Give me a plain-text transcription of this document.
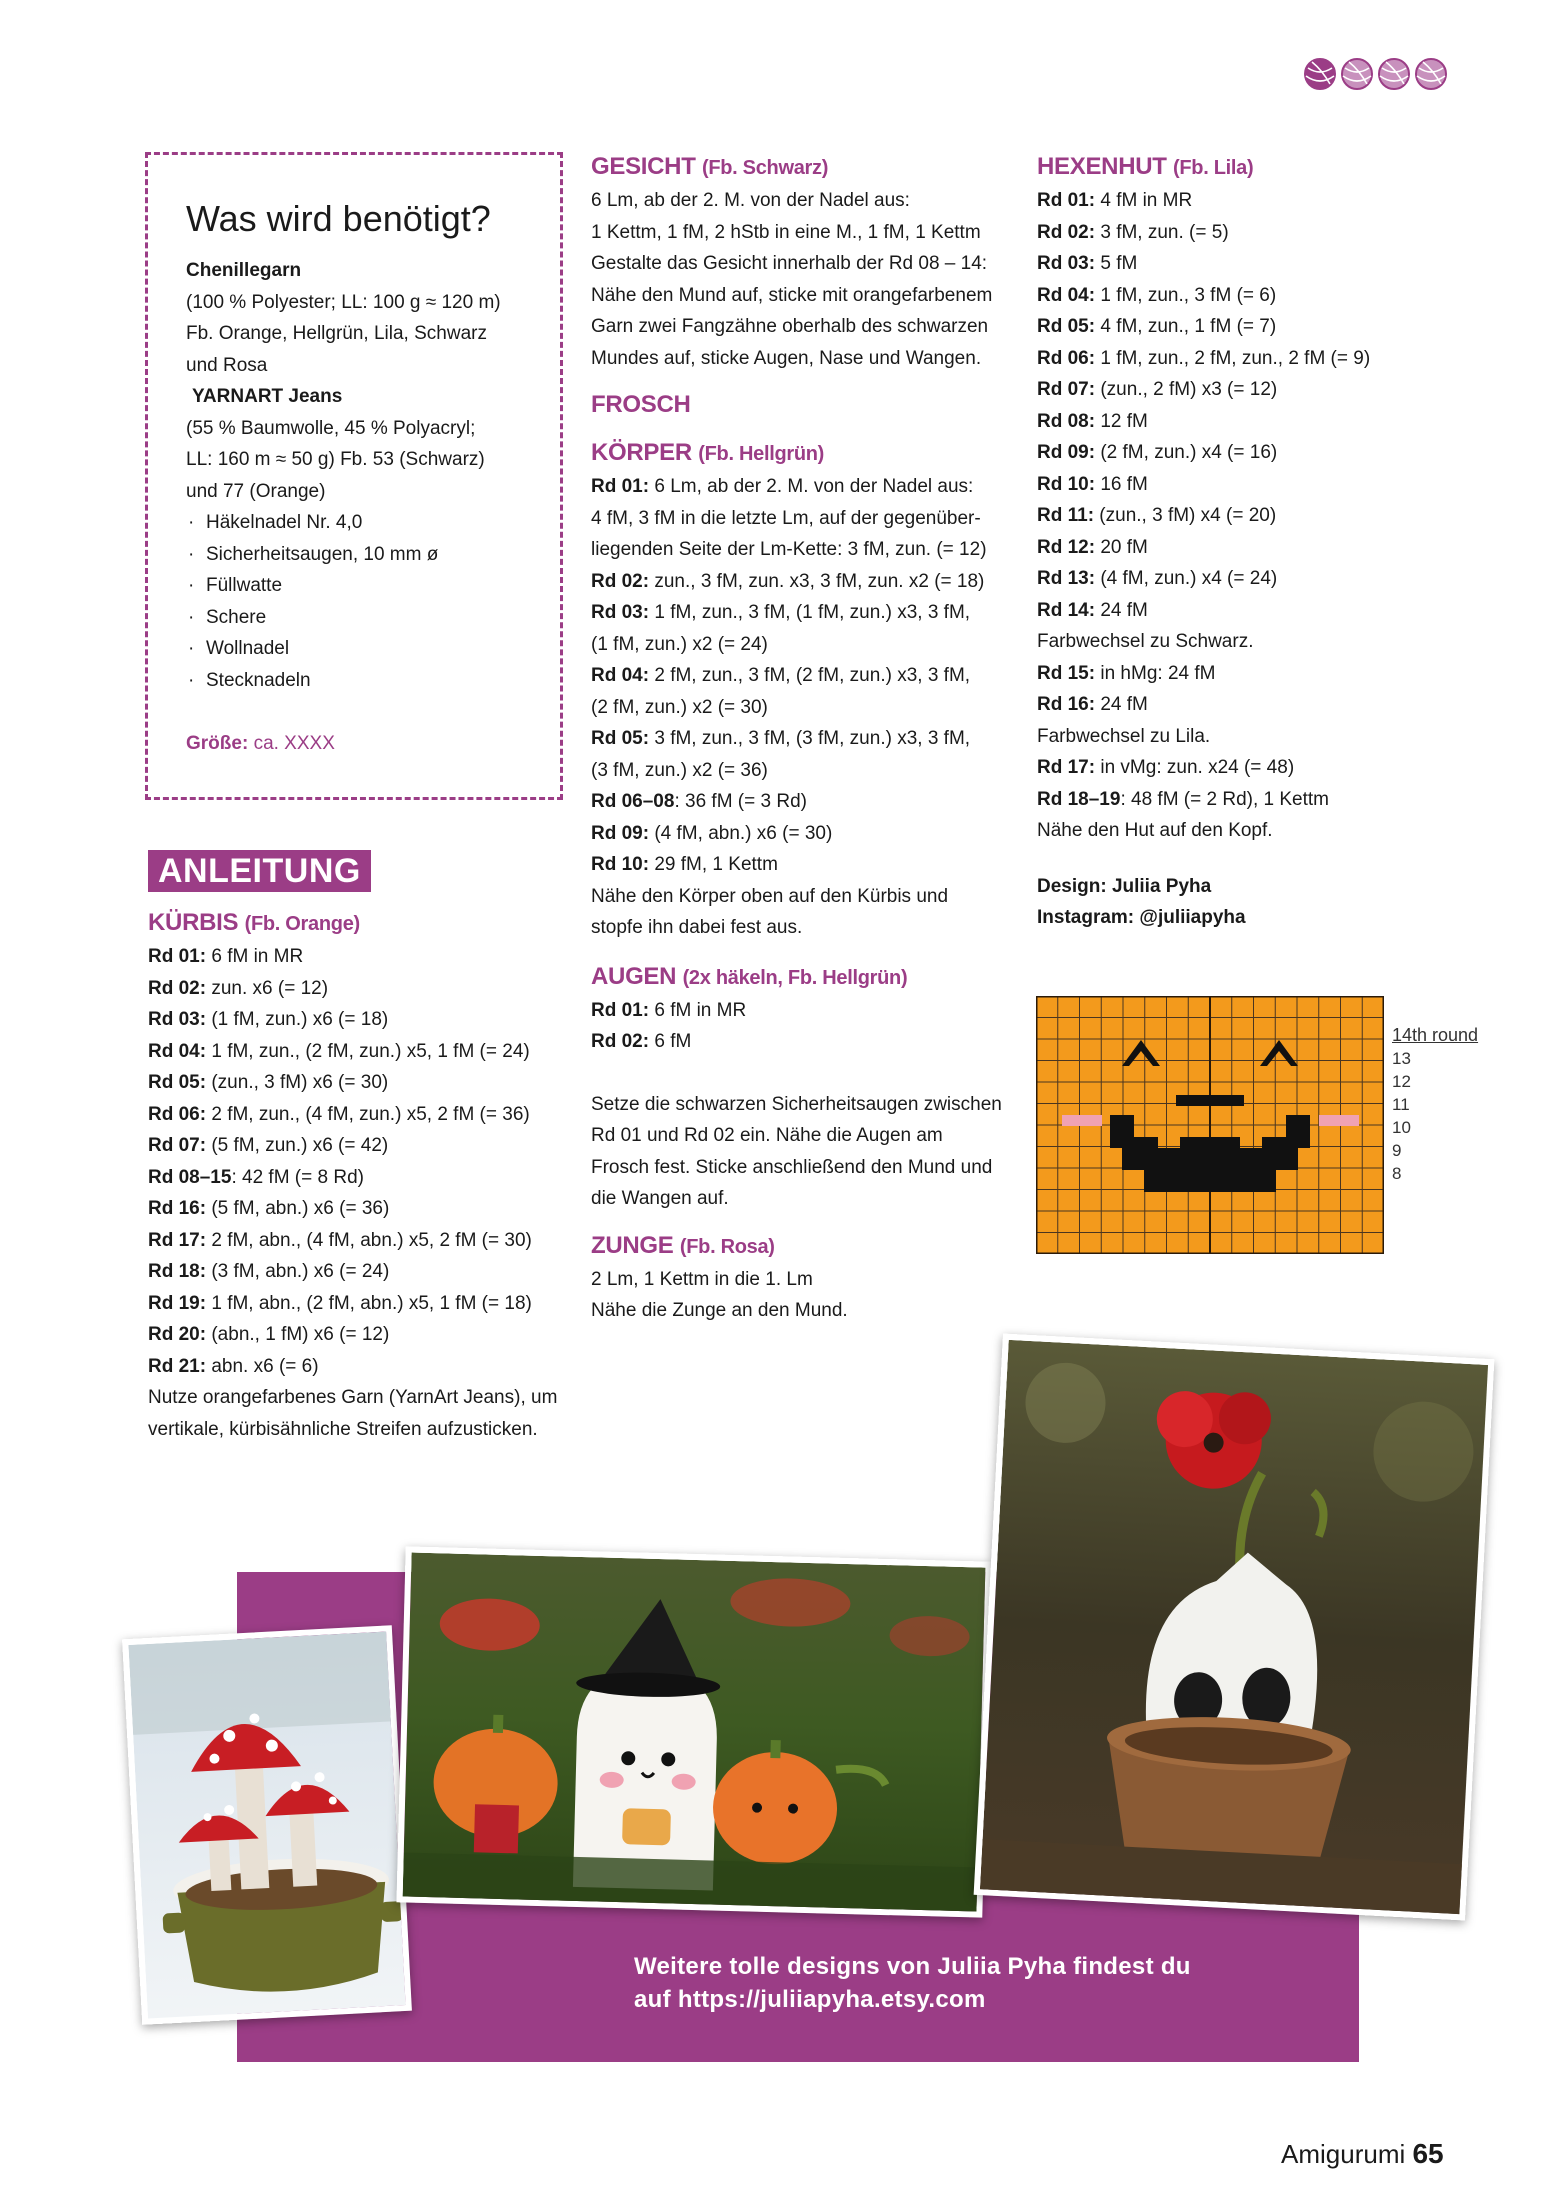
Was wird benötigt?

Chenillegarn

(100 % Polyester; LL: 100 g ≈ 120 m)

Fb. Orange, Hellgrün, Lila, Schwarz

und Rosa

YARNART Jeans

(55 % Baumwolle, 45 % Polyacryl;

LL: 160 m ≈ 50 g) Fb. 53 (Schwarz)

und 77 (Orange)

· Häkelnadel Nr. 4,0
· Sicherheitsaugen, 10 mm ø
· Füllwatte
· Schere
· Wollnadel
· Stecknadeln

Größe: ca. XXXX

ANLEITUNG
KÜRBIS (Fb. Orange)

Rd 01: 6 fM in MR

Rd 02: zun. x6 (= 12)

Rd 03: (1 fM, zun.) x6 (= 18)

Rd 04: 1 fM, zun., (2 fM, zun.) x5, 1 fM (= 24)

Rd 05: (zun., 3 fM) x6 (= 30)

Rd 06: 2 fM, zun., (4 fM, zun.) x5, 2 fM (= 36)

Rd 07: (5 fM, zun.) x6 (= 42)

Rd 08–15: 42 fM (= 8 Rd)

Rd 16: (5 fM, abn.) x6 (= 36)

Rd 17: 2 fM, abn., (4 fM, abn.) x5, 2 fM (= 30)

Rd 18: (3 fM, abn.) x6 (= 24)

Rd 19: 1 fM, abn., (2 fM, abn.) x5, 1 fM (= 18)

Rd 20: (abn., 1 fM) x6 (= 12)

Rd 21: abn. x6 (= 6)

Nutze orangefarbenes Garn (YarnArt Jeans), um

vertikale, kürbisähnliche Streifen aufzusticken.

GESICHT (Fb. Schwarz)

6 Lm, ab der 2. M. von der Nadel aus:

1 Kettm, 1 fM, 2 hStb in eine M., 1 fM, 1 Kettm

Gestalte das Gesicht innerhalb der Rd 08 – 14:

Nähe den Mund auf, sticke mit orangefarbenem

Garn zwei Fangzähne oberhalb des schwarzen

Mundes auf, sticke Augen, Nase und Wangen.

FROSCH
KÖRPER (Fb. Hellgrün)

Rd 01: 6 Lm, ab der 2. M. von der Nadel aus:

4 fM, 3 fM in die letzte Lm, auf der gegenüber-

liegenden Seite der Lm-Kette: 3 fM, zun. (= 12)

Rd 02: zun., 3 fM, zun. x3, 3 fM, zun. x2 (= 18)

Rd 03: 1 fM, zun., 3 fM, (1 fM, zun.) x3, 3 fM,

(1 fM, zun.) x2 (= 24)

Rd 04: 2 fM, zun., 3 fM, (2 fM, zun.) x3, 3 fM,

(2 fM, zun.) x2 (= 30)

Rd 05: 3 fM, zun., 3 fM, (3 fM, zun.) x3, 3 fM,

(3 fM, zun.) x2 (= 36)

Rd 06–08: 36 fM (= 3 Rd)

Rd 09: (4 fM, abn.) x6 (= 30)

Rd 10: 29 fM, 1 Kettm

Nähe den Körper oben auf den Kürbis und

stopfe ihn dabei fest aus.

AUGEN (2x häkeln, Fb. Hellgrün)

Rd 01: 6 fM in MR

Rd 02: 6 fM

Setze die schwarzen Sicherheitsaugen zwischen

Rd 01 und Rd 02 ein. Nähe die Augen am

Frosch fest. Sticke anschließend den Mund und

die Wangen auf.

ZUNGE (Fb. Rosa)

2 Lm, 1 Kettm in die 1. Lm

Nähe die Zunge an den Mund.

HEXENHUT (Fb. Lila)

Rd 01: 4 fM in MR

Rd 02: 3 fM, zun. (= 5)

Rd 03: 5 fM

Rd 04: 1 fM, zun., 3 fM (= 6)

Rd 05: 4 fM, zun., 1 fM (= 7)

Rd 06: 1 fM, zun., 2 fM, zun., 2 fM (= 9)

Rd 07: (zun., 2 fM) x3 (= 12)

Rd 08: 12 fM

Rd 09: (2 fM, zun.) x4 (= 16)

Rd 10: 16 fM

Rd 11: (zun., 3 fM) x4 (= 20)

Rd 12: 20 fM

Rd 13: (4 fM, zun.) x4 (= 24)

Rd 14: 24 fM

Farbwechsel zu Schwarz.

Rd 15: in hMg: 24 fM

Rd 16: 24 fM

Farbwechsel zu Lila.

Rd 17: in vMg: zun. x24 (= 48)

Rd 18–19: 48 fM (= 2 Rd), 1 Kettm

Nähe den Hut auf den Kopf.

Design: Juliia Pyha

Instagram: @juliiapyha

14th round
13
12
11
10
9
8
Weitere tolle designs von Juliia Pyha findest du
auf https://juliiapyha.etsy.com
Amigurumi 65
